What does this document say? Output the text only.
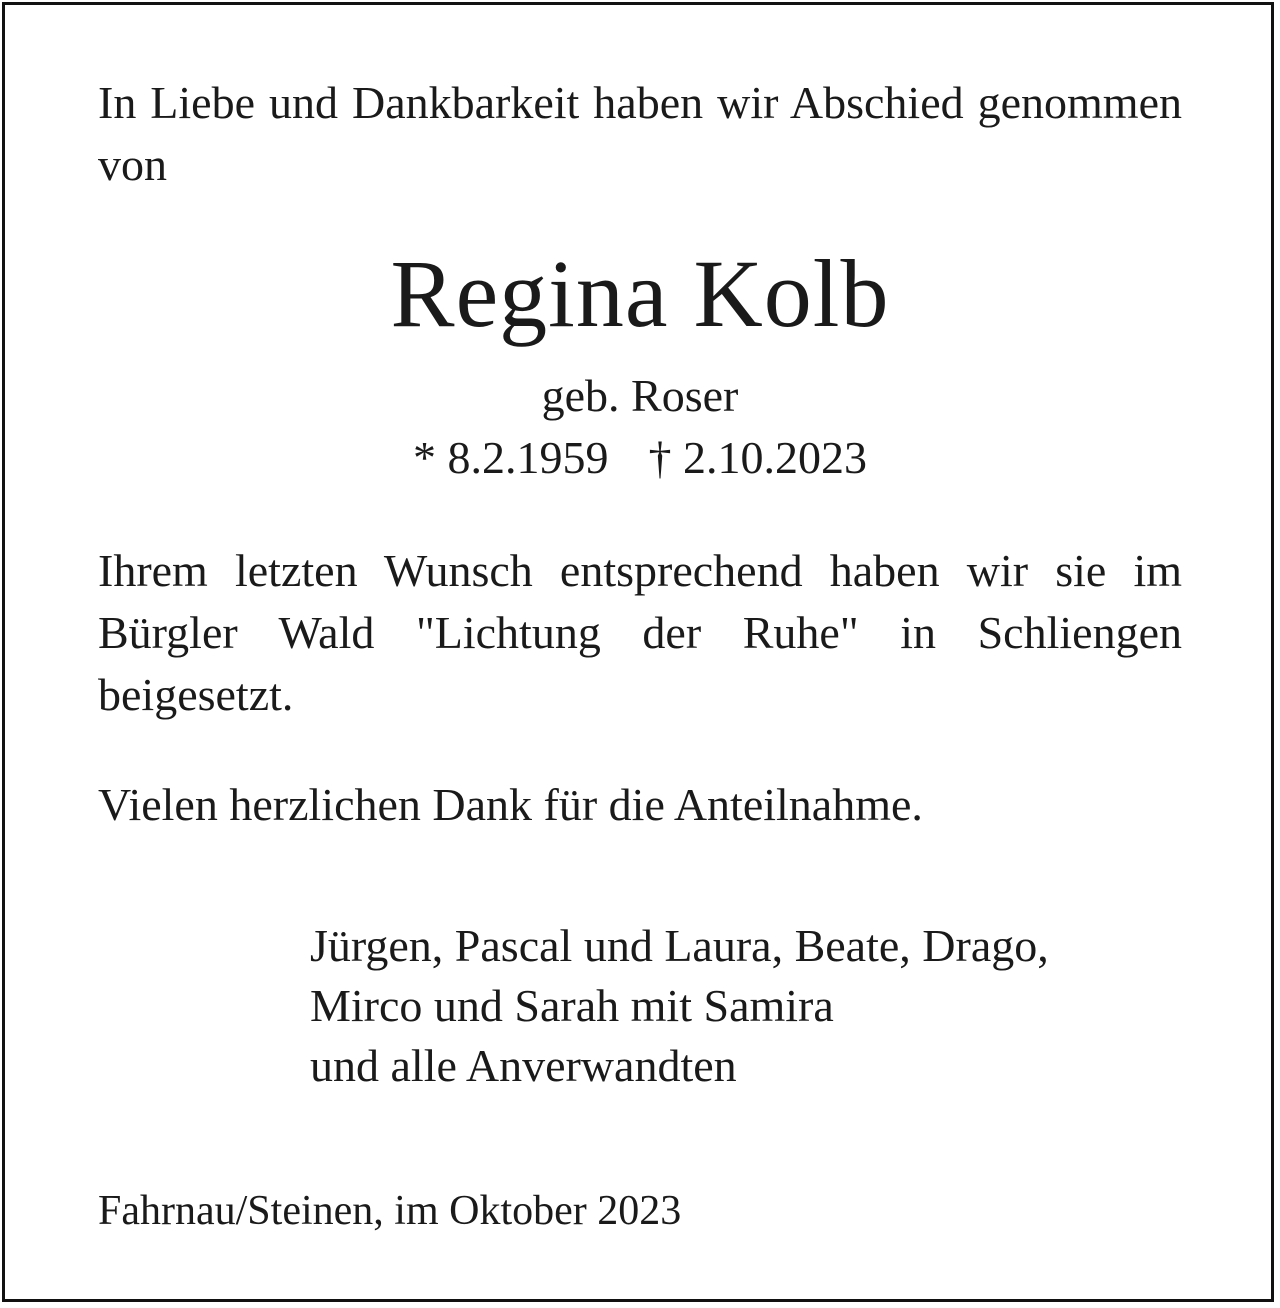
In Liebe und Dankbarkeit haben wir Abschied genommen von

Regina Kolb
geb. Roser
* 8.2.1959 † 2.10.2023

Ihrem letzten Wunsch entsprechend haben wir sie im Bürgler Wald "Lichtung der Ruhe" in Schliengen beigesetzt.

Vielen herzlichen Dank für die Anteilnahme.

Jürgen, Pascal und Laura, Beate, Drago,
Mirco und Sarah mit Samira
und alle Anverwandten

Fahrnau/Steinen, im Oktober 2023
